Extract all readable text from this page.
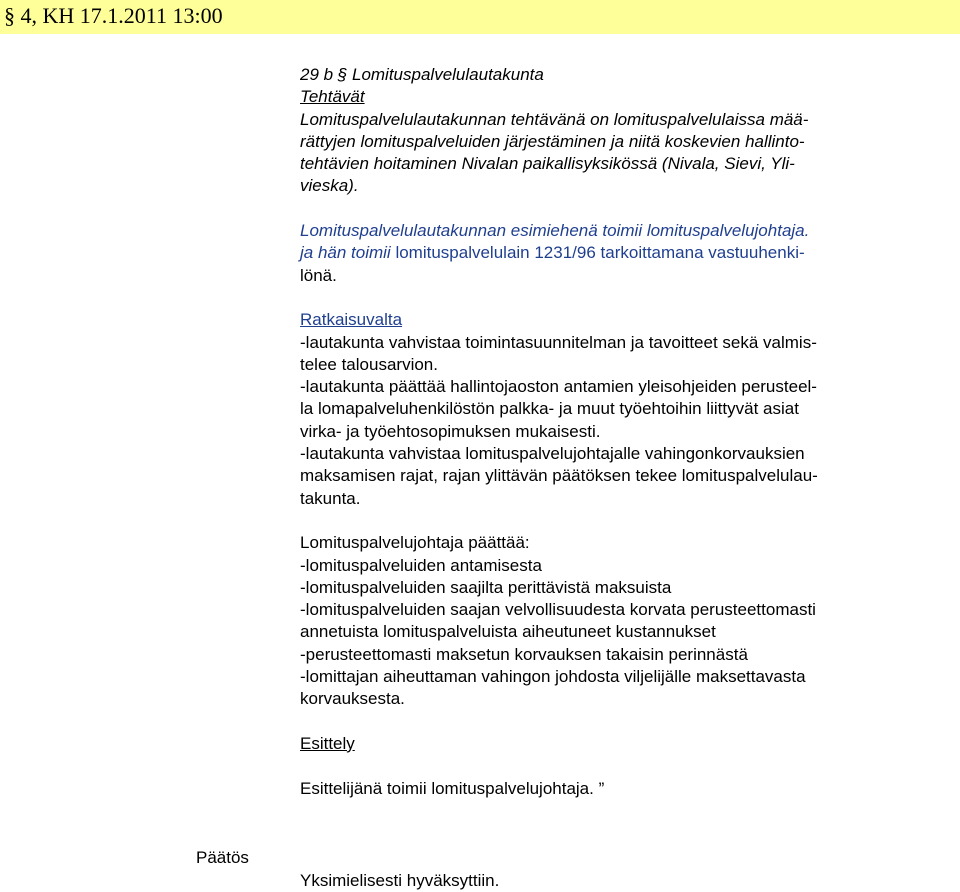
§ 4, KH 17.1.2011 13:00
29 b § Lomituspalvelulautakunta
Tehtävät
Lomituspalvelulautakunnan tehtävänä on lomituspalvelulaissa mää-
rättyjen lomituspalveluiden järjestäminen ja niitä koskevien hallinto-
tehtävien hoitaminen Nivalan paikallisyksikössä (Nivala, Sievi, Yli-
vieska).
Lomituspalvelulautakunnan esimiehenä toimii lomituspalvelujohtaja.
ja hän toimii lomituspalvelulain 1231/96 tarkoittamana vastuuhenki-
lönä.
Ratkaisuvalta
-lautakunta vahvistaa toimintasuunnitelman ja tavoitteet sekä valmis-
telee talousarvion.
-lautakunta päättää hallintojaoston antamien yleisohjeiden perusteel-
la lomapalveluhenkilöstön palkka- ja muut työehtoihin liittyvät asiat
virka- ja työehtosopimuksen mukaisesti.
-lautakunta vahvistaa lomituspalvelujohtajalle vahingonkorvauksien
maksamisen rajat, rajan ylittävän päätöksen tekee lomituspalvelulau-
takunta.
Lomituspalvelujohtaja päättää:
-lomituspalveluiden antamisesta
-lomituspalveluiden saajilta perittävistä maksuista
-lomituspalveluiden saajan velvollisuudesta korvata perusteettomasti
annetuista lomituspalveluista aiheutuneet kustannukset
-perusteettomasti maksetun korvauksen takaisin perinnästä
-lomittajan aiheuttaman vahingon johdosta viljelijälle maksettavasta
korvauksesta.
Esittely
Esittelijänä toimii lomituspalvelujohtaja. ”
Päätös
Yksimielisesti hyväksyttiin.
